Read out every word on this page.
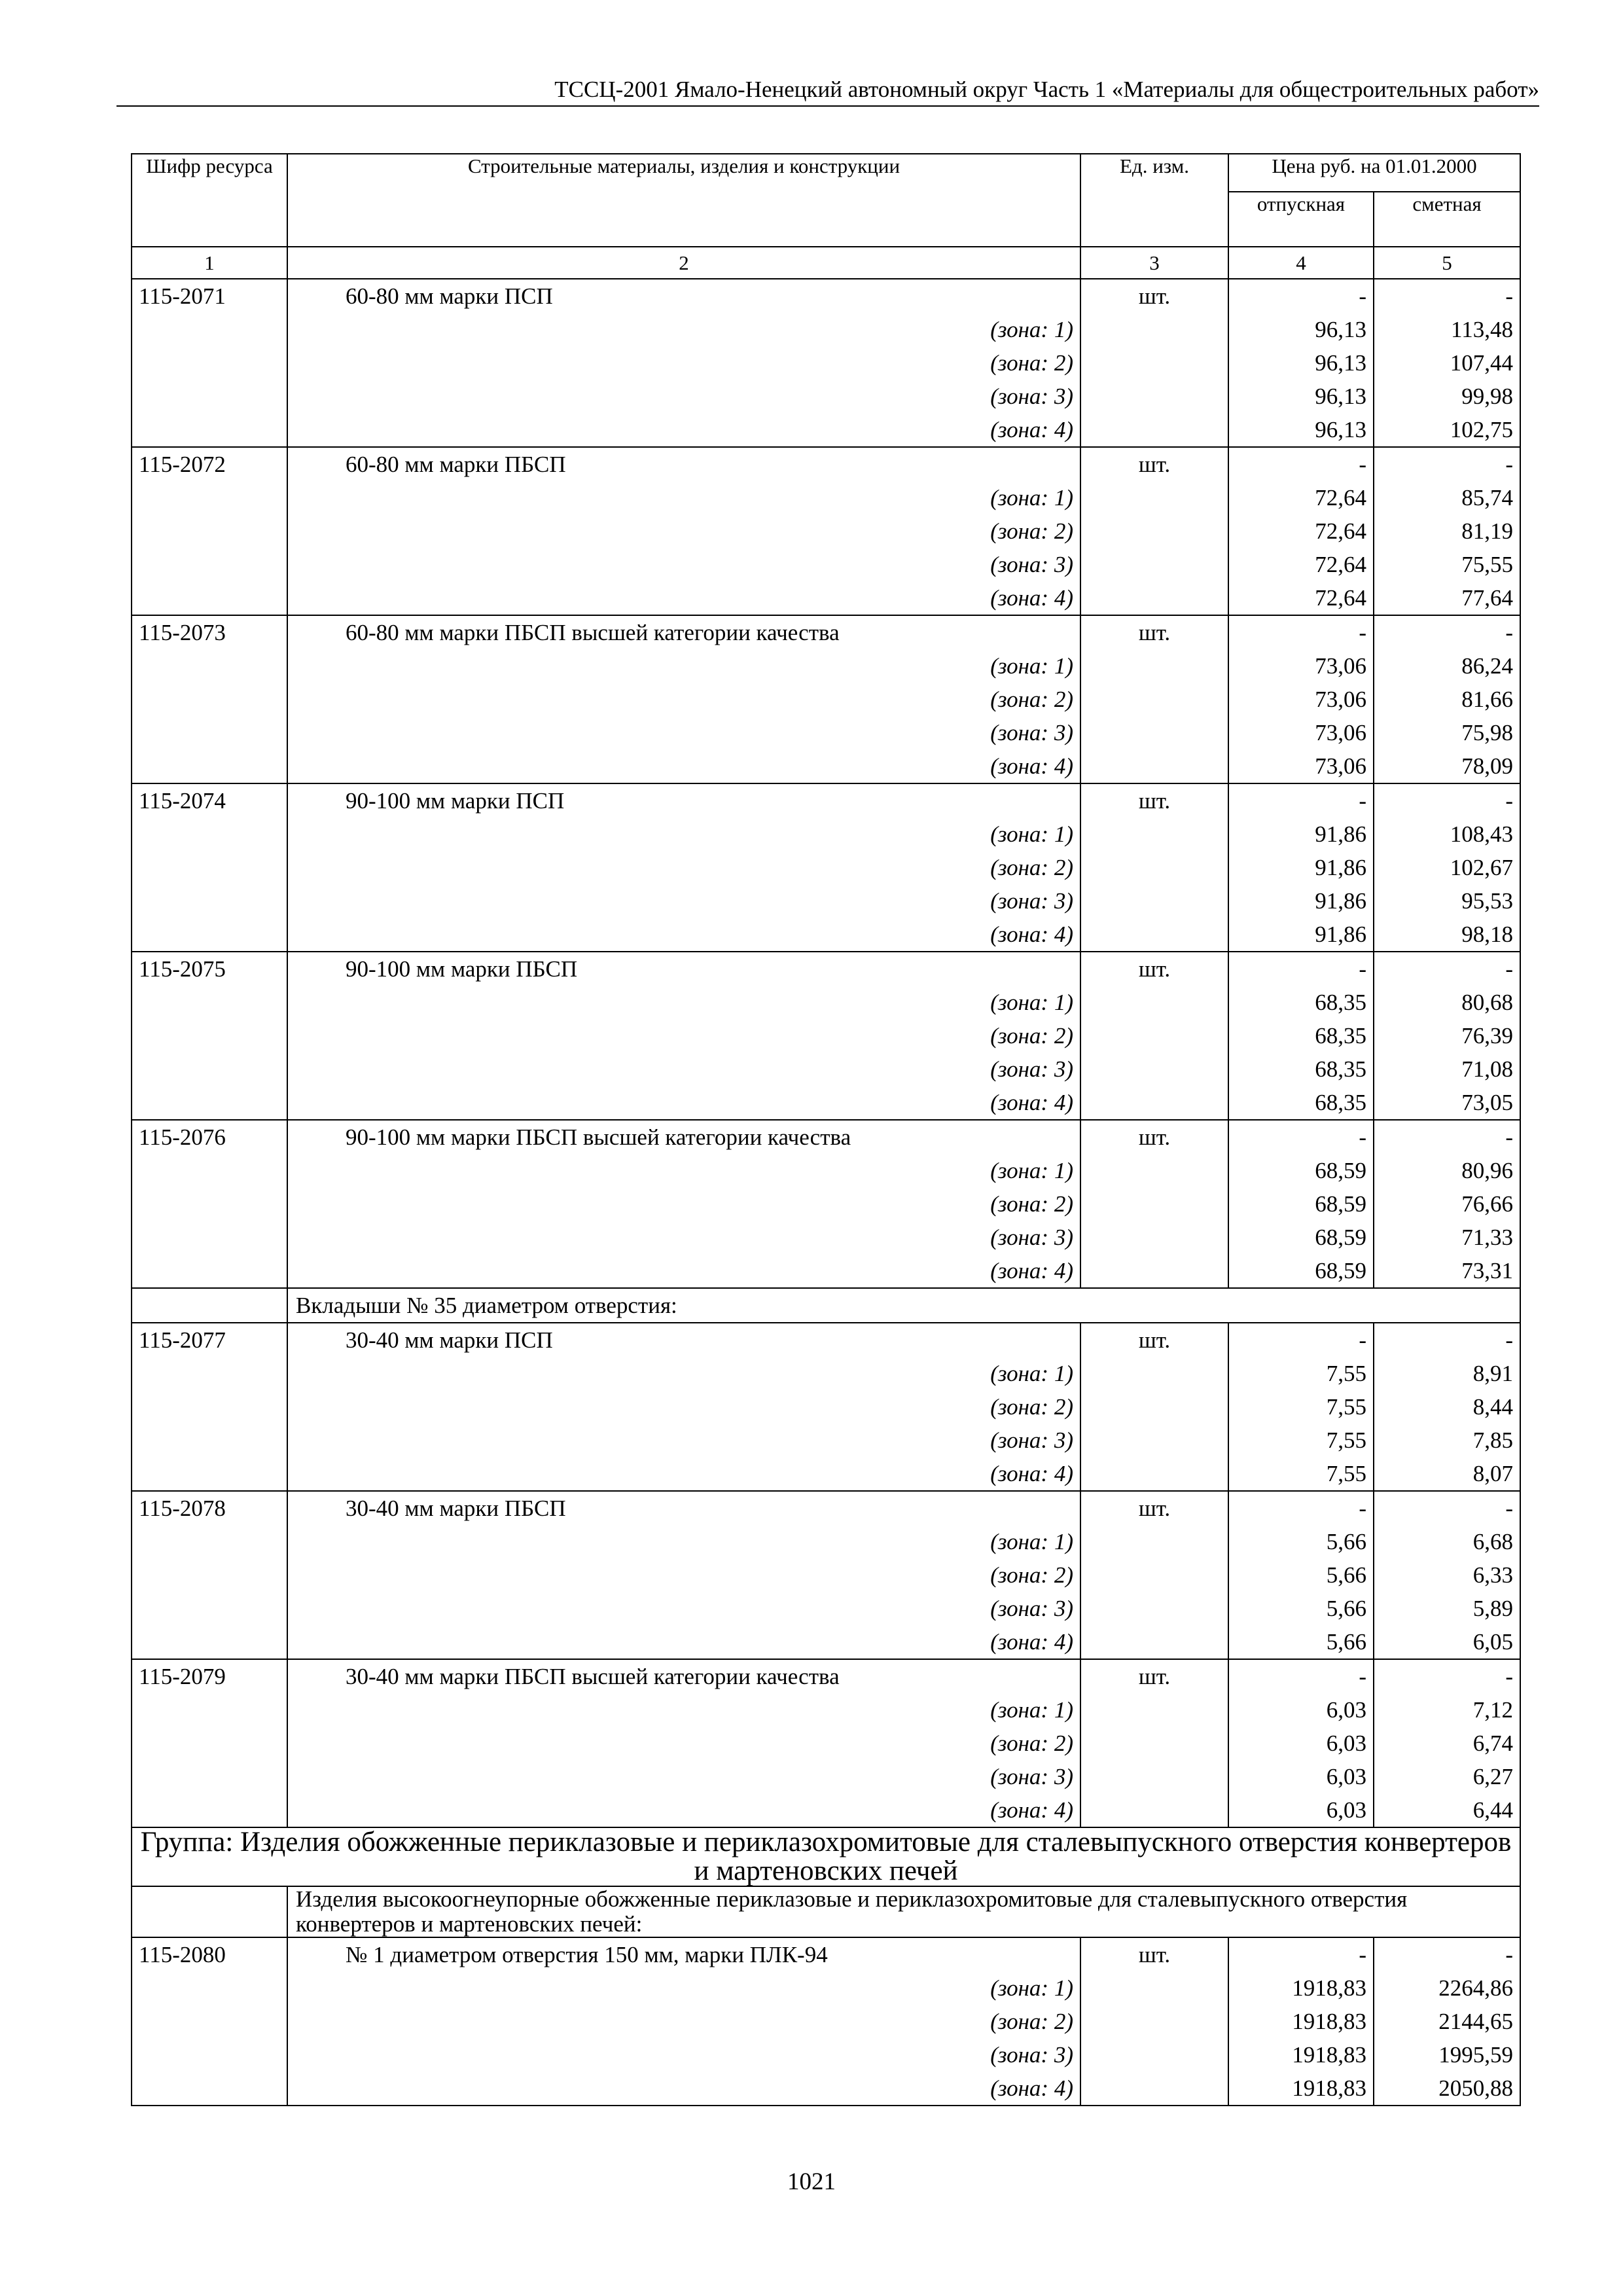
ТССЦ-2001 Ямало-Ненецкий автономный округ Часть 1 «Материалы для общестроительных работ»
Шифр ресурса	Строительные материалы, изделия и конструкции	Ед. изм.	Цена руб. на 01.01.2000	
			отпускная	сметная
1	2	3	4	5
115-2071	60-80 мм марки ПСП	шт.	-	-
	(зона: 1)		96,13	113,48
	(зона: 2)		96,13	107,44
	(зона: 3)		96,13	99,98
	(зона: 4)		96,13	102,75
115-2072	60-80 мм марки ПБСП	шт.	-	-
	(зона: 1)		72,64	85,74
	(зона: 2)		72,64	81,19
	(зона: 3)		72,64	75,55
	(зона: 4)		72,64	77,64
115-2073	60-80 мм марки ПБСП высшей категории качества	шт.	-	-
	(зона: 1)		73,06	86,24
	(зона: 2)		73,06	81,66
	(зона: 3)		73,06	75,98
	(зона: 4)		73,06	78,09
115-2074	90-100 мм марки ПСП	шт.	-	-
	(зона: 1)		91,86	108,43
	(зона: 2)		91,86	102,67
	(зона: 3)		91,86	95,53
	(зона: 4)		91,86	98,18
115-2075	90-100 мм марки ПБСП	шт.	-	-
	(зона: 1)		68,35	80,68
	(зона: 2)		68,35	76,39
	(зона: 3)		68,35	71,08
	(зона: 4)		68,35	73,05
115-2076	90-100 мм марки ПБСП высшей категории качества	шт.	-	-
	(зона: 1)		68,59	80,96
	(зона: 2)		68,59	76,66
	(зона: 3)		68,59	71,33
	(зона: 4)		68,59	73,31
	Вкладыши № 35 диаметром отверстия:			
115-2077	30-40 мм марки ПСП	шт.	-	-
	(зона: 1)		7,55	8,91
	(зона: 2)		7,55	8,44
	(зона: 3)		7,55	7,85
	(зона: 4)		7,55	8,07
115-2078	30-40 мм марки ПБСП	шт.	-	-
	(зона: 1)		5,66	6,68
	(зона: 2)		5,66	6,33
	(зона: 3)		5,66	5,89
	(зона: 4)		5,66	6,05
115-2079	30-40 мм марки ПБСП высшей категории качества	шт.	-	-
	(зона: 1)		6,03	7,12
	(зона: 2)		6,03	6,74
	(зона: 3)		6,03	6,27
	(зона: 4)		6,03	6,44
Группа: Изделия обожженные периклазовые и периклазохромитовые для сталевыпускного отверстия конвертеров и мартеновских печей				
	Изделия высокоогнеупорные обожженные периклазовые и периклазохромитовые для сталевыпускного отверстия конвертеров и мартеновских печей:			
115-2080	№ 1 диаметром отверстия 150 мм, марки ПЛК-94	шт.	-	-
	(зона: 1)		1918,83	2264,86
	(зона: 2)		1918,83	2144,65
	(зона: 3)		1918,83	1995,59
	(зона: 4)		1918,83	2050,88
1021
